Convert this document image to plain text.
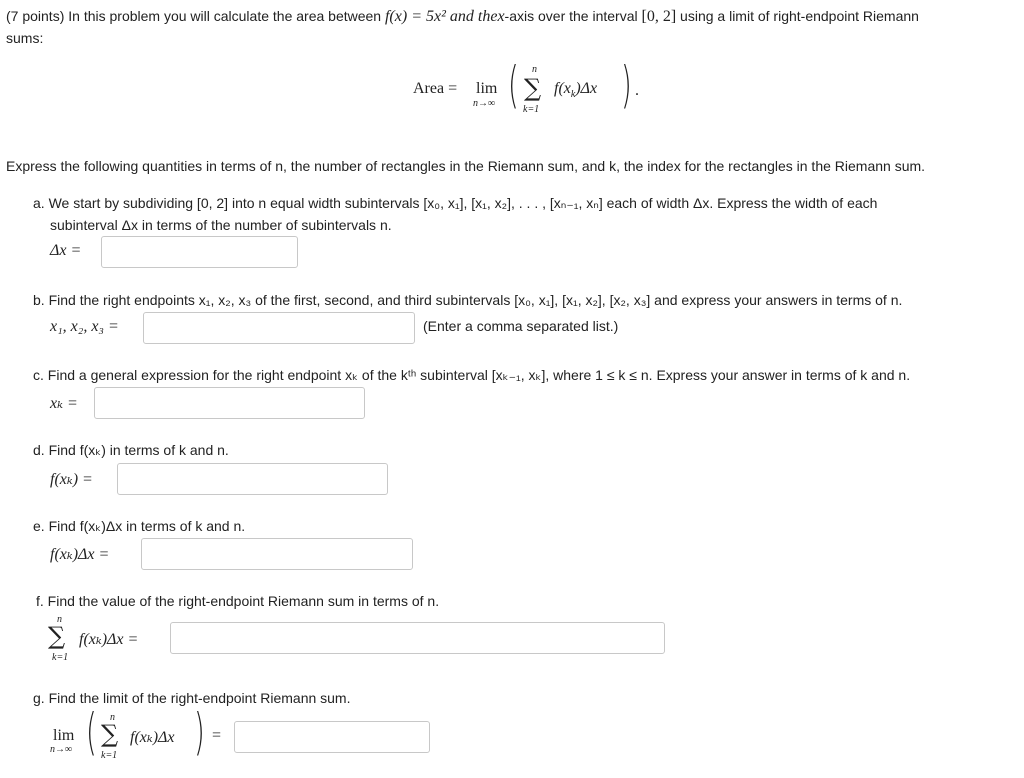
(7 points) In this problem you will calculate the area between f(x) = 5x² and thex-axis over the interval [0, 2] using a limit of right-endpoint Riemann
sums:
Area = lim
n→∞ ( n
∑
k=1
$f(x_k)\Delta x$ ) .
Express the following quantities in terms of n, the number of rectangles in the Riemann sum, and k, the index for the rectangles in the Riemann sum.
a. We start by subdividing [0, 2] into n equal width subintervals [x₀, x₁], [x₁, x₂], . . . , [xₙ₋₁, xₙ] each of width Δx. Express the width of each
subinterval Δx in terms of the number of subintervals n.
Δx =
b. Find the right endpoints x₁, x₂, x₃ of the first, second, and third subintervals [x₀, x₁], [x₁, x₂], [x₂, x₃] and express your answers in terms of n.
x₁, x₂, x₃ =	(Enter a comma separated list.)
c. Find a general expression for the right endpoint xₖ of the kᵗʰ subinterval [xₖ₋₁, xₖ], where 1 ≤ k ≤ n. Express your answer in terms of k and n.
xₖ =
d. Find f(xₖ) in terms of k and n.
f(xₖ) =
e. Find f(xₖ)Δx in terms of k and n.
f(xₖ)Δx =
f. Find the value of the right-endpoint Riemann sum in terms of n.
n
∑
k=1
f(xₖ)Δx =
g. Find the limit of the right-endpoint Riemann sum.
lim
n→∞ ( n
∑
k=1
f(xₖ)Δx ) =
